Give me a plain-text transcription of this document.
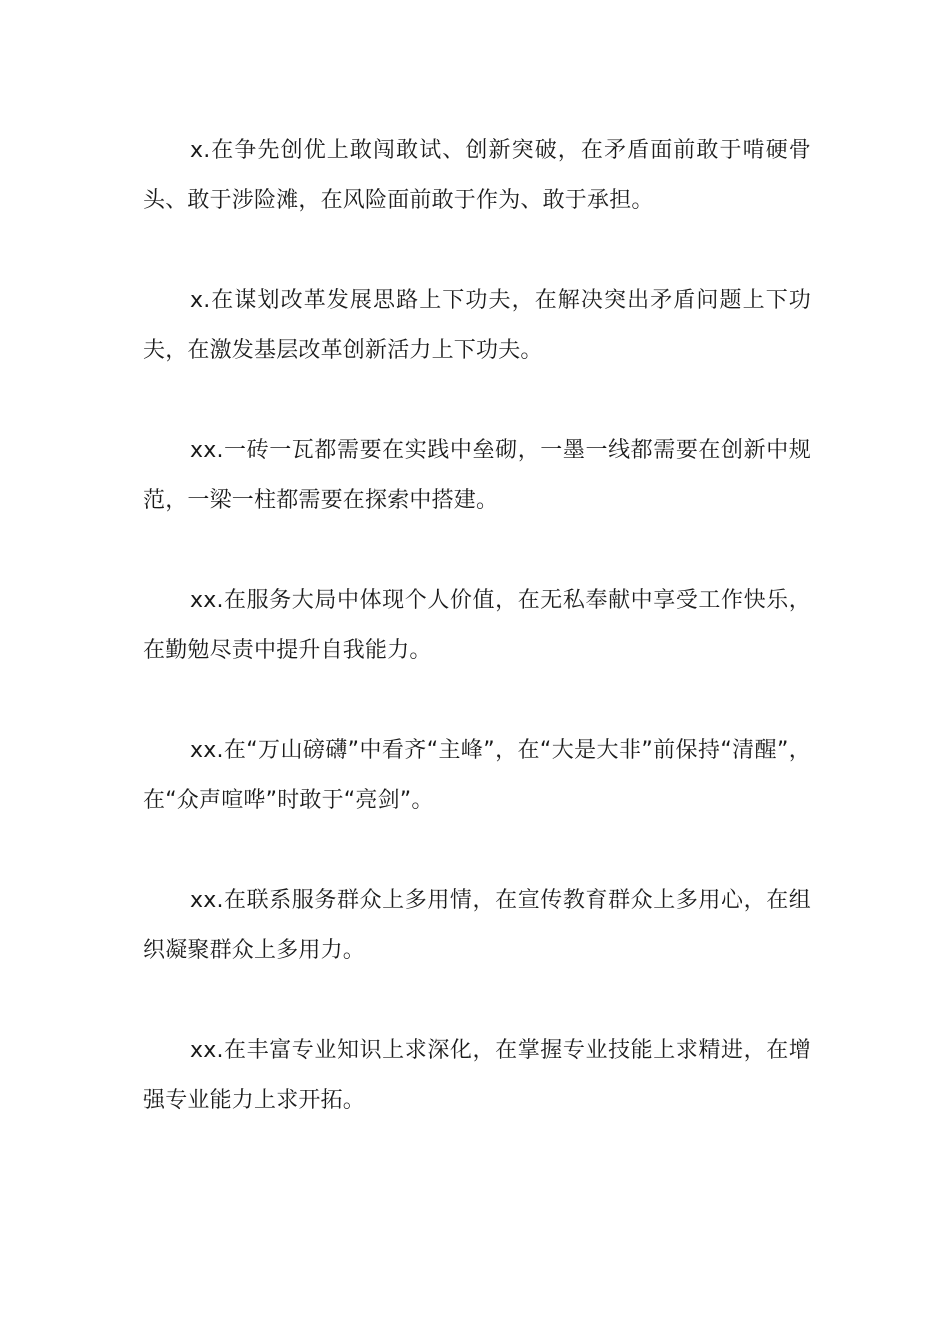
x.在争先创优上敢闯敢试、创新突破，在矛盾面前敢于啃硬骨头、敢于涉险滩，在风险面前敢于作为、敢于承担。

x.在谋划改革发展思路上下功夫，在解决突出矛盾问题上下功夫，在激发基层改革创新活力上下功夫。

xx.一砖一瓦都需要在实践中垒砌，一墨一线都需要在创新中规范，一梁一柱都需要在探索中搭建。

xx.在服务大局中体现个人价值，在无私奉献中享受工作快乐，在勤勉尽责中提升自我能力。

xx.在“万山磅礴”中看齐“主峰”，在“大是大非”前保持“清醒”，在“众声喧哗”时敢于“亮剑”。

xx.在联系服务群众上多用情，在宣传教育群众上多用心，在组织凝聚群众上多用力。

xx.在丰富专业知识上求深化，在掌握专业技能上求精进，在增强专业能力上求开拓。
